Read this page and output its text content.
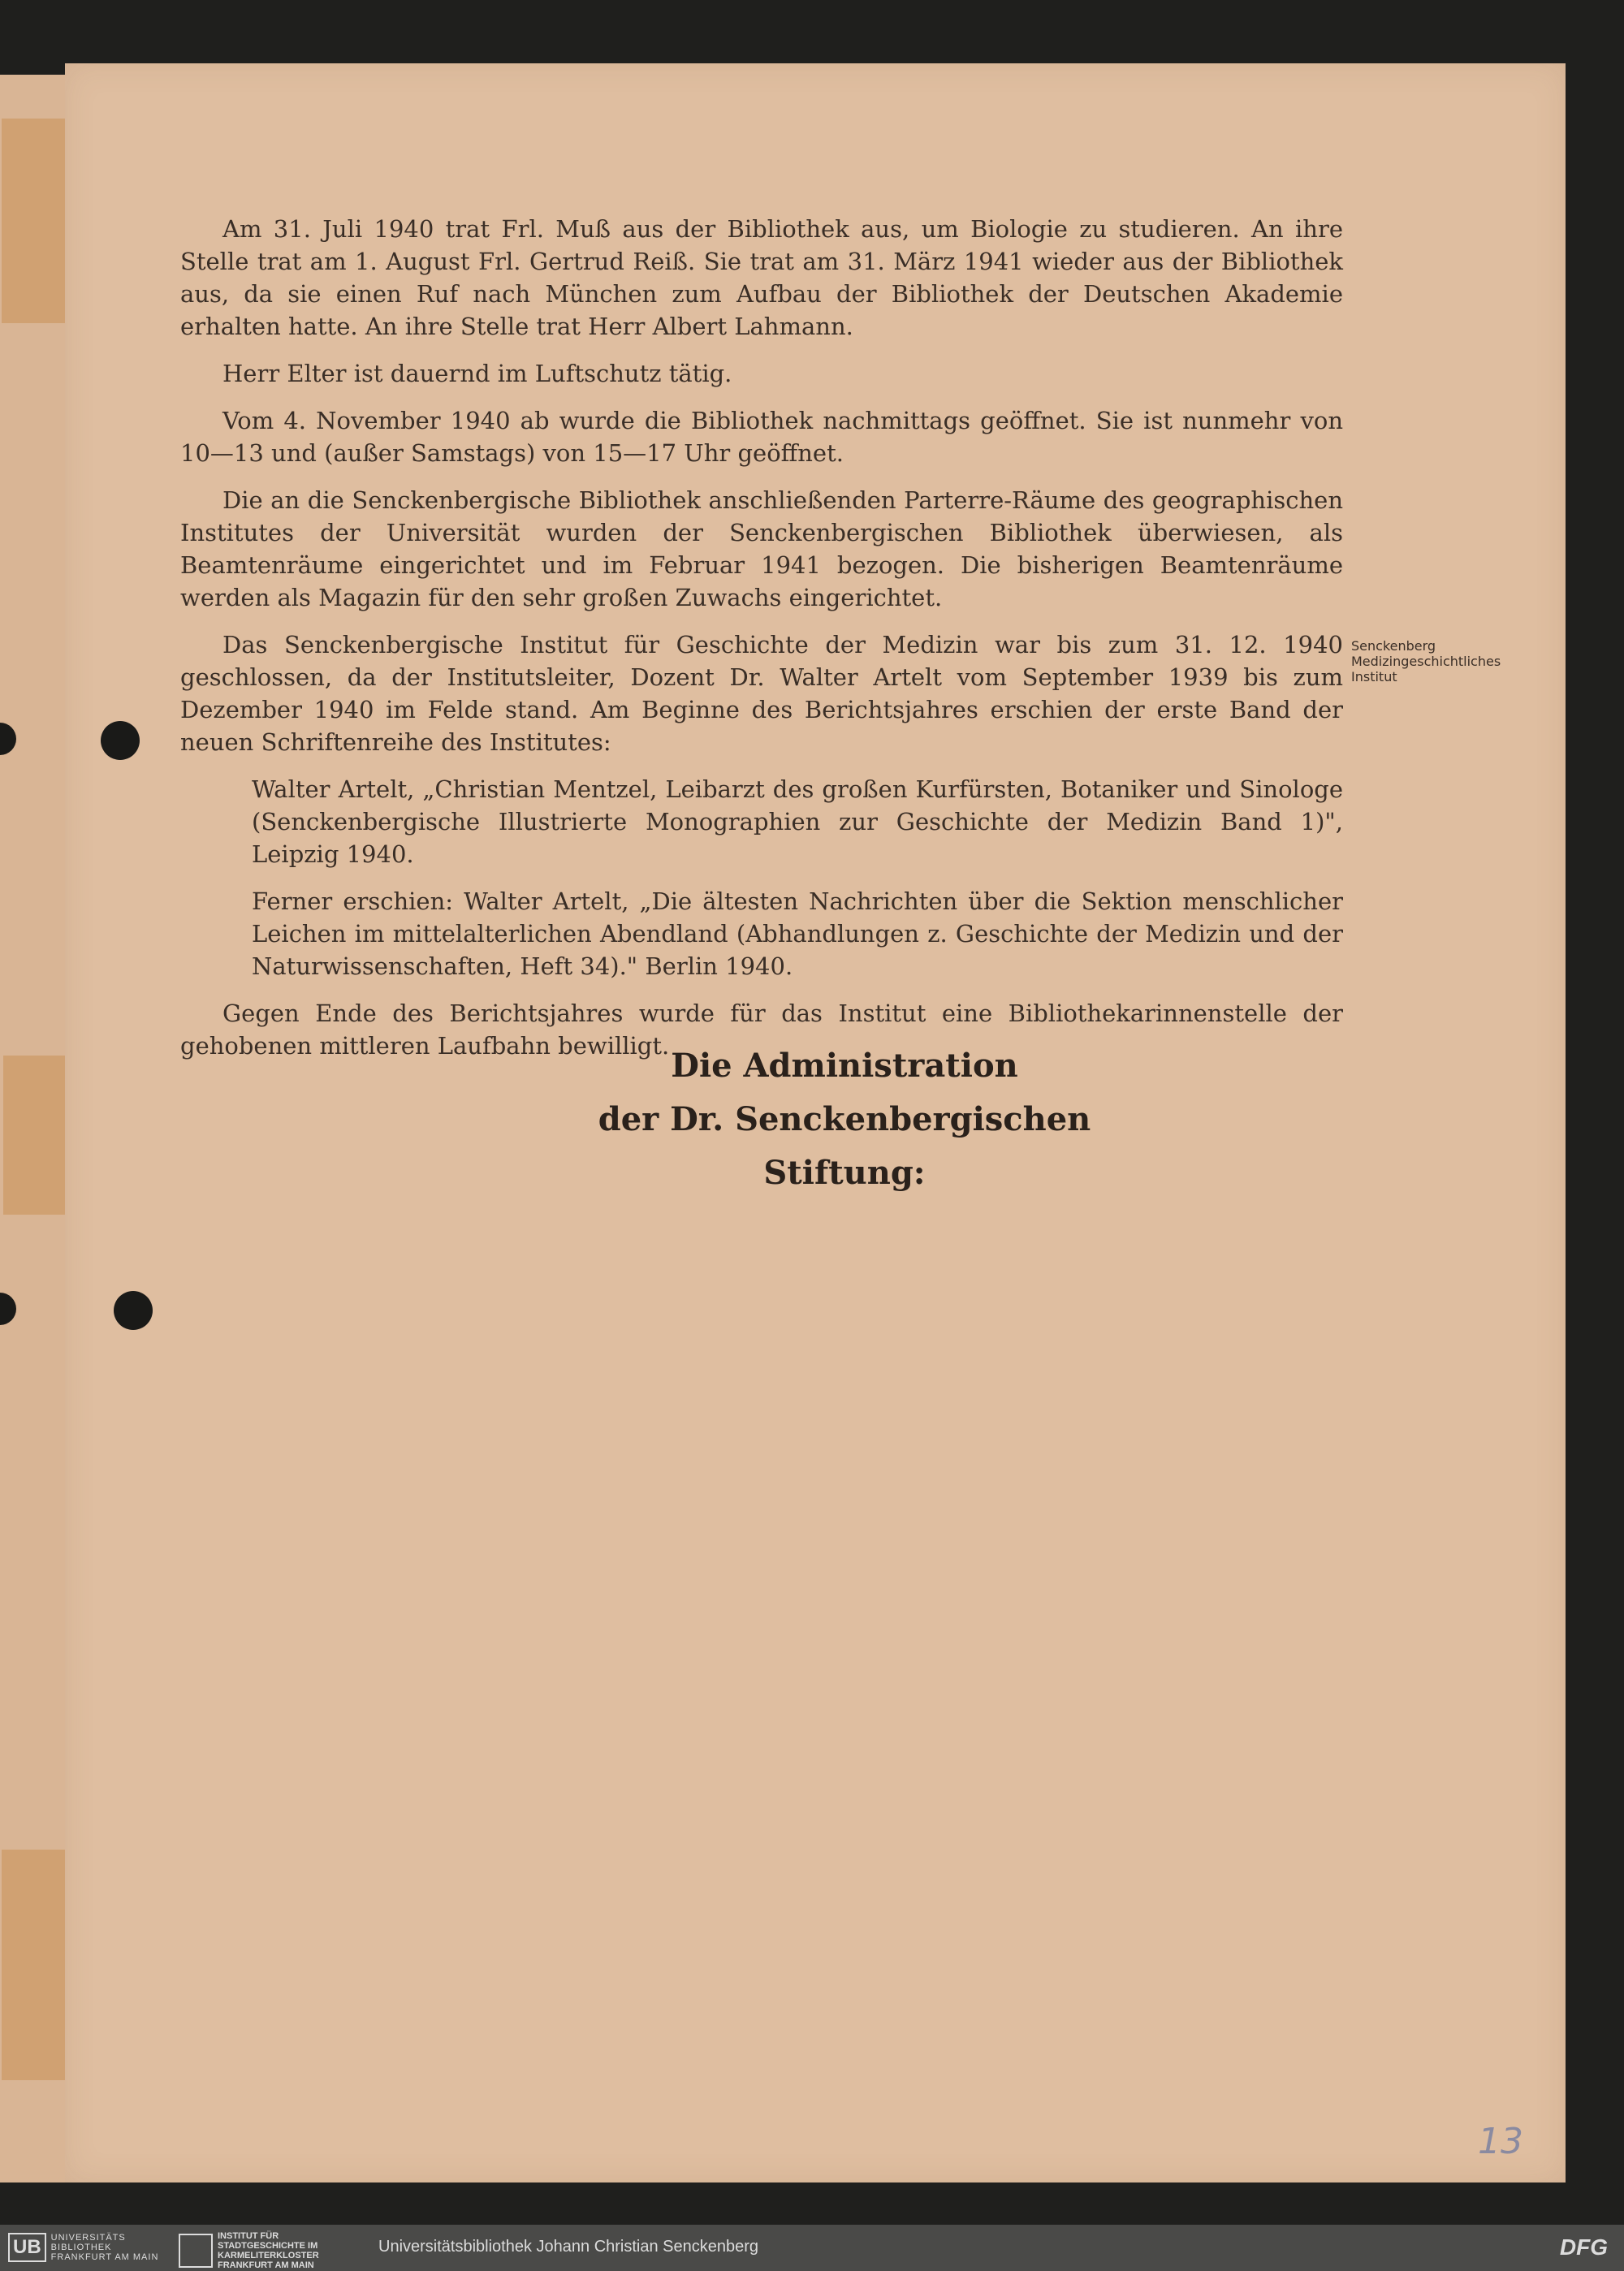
Am 31. Juli 1940 trat Frl. Muß aus der Bibliothek aus, um Biologie zu studieren. An ihre Stelle trat am 1. August Frl. Gertrud Reiß. Sie trat am 31. März 1941 wieder aus der Bibliothek aus, da sie einen Ruf nach München zum Aufbau der Bibliothek der Deutschen Akademie erhalten hatte. An ihre Stelle trat Herr Albert Lahmann.

Herr Elter ist dauernd im Luftschutz tätig.

Vom 4. November 1940 ab wurde die Bibliothek nachmittags geöffnet. Sie ist nunmehr von 10—13 und (außer Samstags) von 15—17 Uhr geöffnet.

Die an die Senckenbergische Bibliothek anschließenden Parterre-Räume des geographischen Institutes der Universität wurden der Senckenbergischen Bibliothek überwiesen, als Beamtenräume eingerichtet und im Februar 1941 bezogen. Die bisherigen Beamtenräume werden als Magazin für den sehr großen Zuwachs eingerichtet.

Das Senckenbergische Institut für Geschichte der Medizin war bis zum 31. 12. 1940 geschlossen, da der Institutsleiter, Dozent Dr. Walter Artelt vom September 1939 bis zum Dezember 1940 im Felde stand. Am Beginne des Berichtsjahres erschien der erste Band der neuen Schriftenreihe des Institutes:

Walter Artelt, „Christian Mentzel, Leibarzt des großen Kurfürsten, Botaniker und Sinologe (Senckenbergische Illustrierte Monographien zur Geschichte der Medizin Band 1)", Leipzig 1940.

Ferner erschien: Walter Artelt, „Die ältesten Nachrichten über die Sektion menschlicher Leichen im mittelalterlichen Abendland (Abhandlungen z. Geschichte der Medizin und der Naturwissenschaften, Heft 34)." Berlin 1940.

Gegen Ende des Berichtsjahres wurde für das Institut eine Bibliothekarinnenstelle der gehobenen mittleren Laufbahn bewilligt.

Senckenberg Medizingeschichtliches Institut
Die Administration
der Dr. Senckenbergischen Stiftung:
13
UB	UNIVERSITÄTS BIBLIOTHEK FRANKFURT AM MAIN
INSTITUT FÜR STADTGESCHICHTE IM KARMELITERKLOSTER FRANKFURT AM MAIN
Universitätsbibliothek Johann Christian Senckenberg	DFG
